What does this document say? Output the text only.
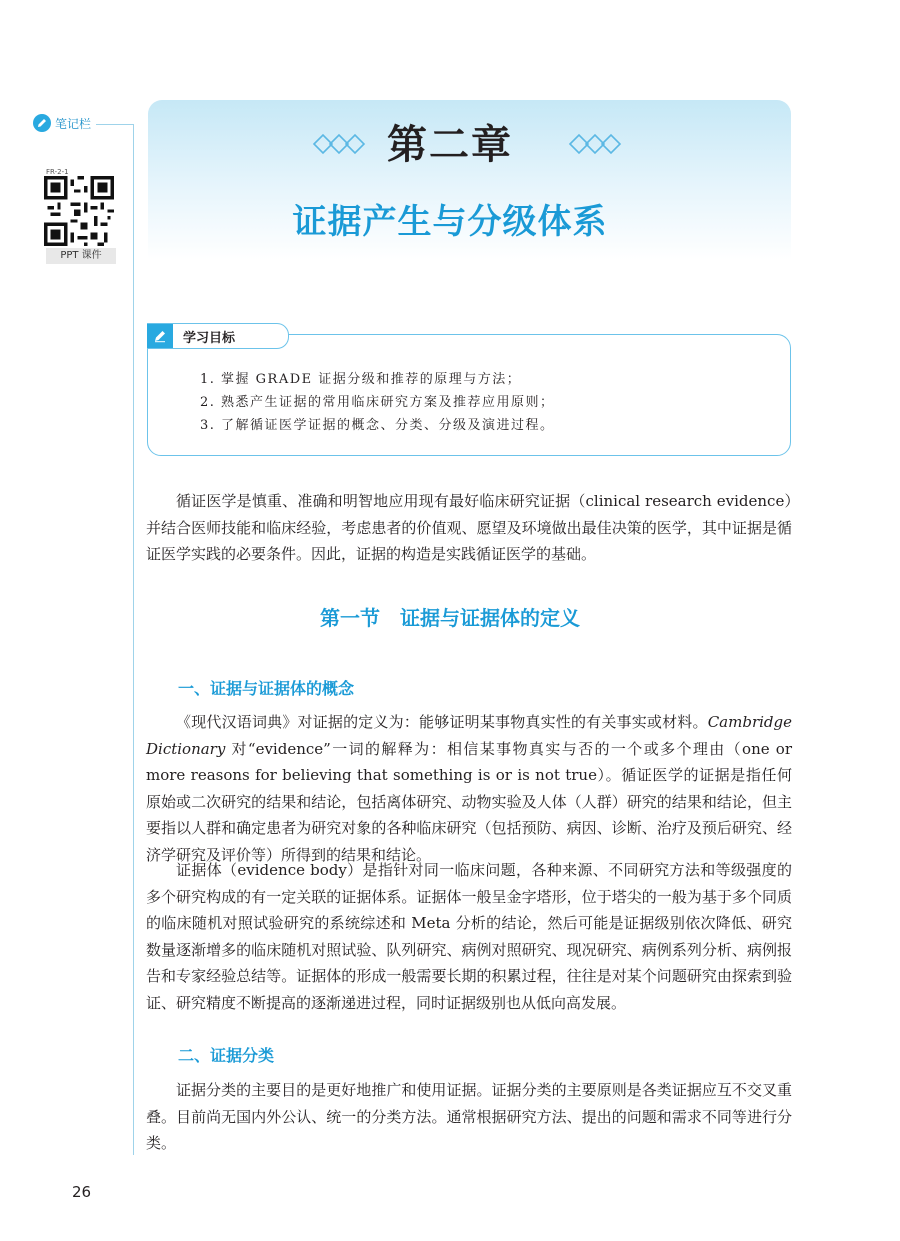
笔记栏
FR-2-1
PPT 课件
第二章
证据产生与分级体系
学习目标
1. 掌握 GRADE 证据分级和推荐的原理与方法；
2. 熟悉产生证据的常用临床研究方案及推荐应用原则；
3. 了解循证医学证据的概念、分类、分级及演进过程。

循证医学是慎重、准确和明智地应用现有最好临床研究证据（clinical research evidence）并结合医师技能和临床经验，考虑患者的价值观、愿望及环境做出最佳决策的医学，其中证据是循证医学实践的必要条件。因此，证据的构造是实践循证医学的基础。

第一节　证据与证据体的定义
一、证据与证据体的概念

《现代汉语词典》对证据的定义为：能够证明某事物真实性的有关事实或材料。Cambridge Dictionary 对“evidence”一词的解释为：相信某事物真实与否的一个或多个理由（one or more reasons for believing that something is or is not true）。循证医学的证据是指任何原始或二次研究的结果和结论，包括离体研究、动物实验及人体（人群）研究的结果和结论，但主要指以人群和确定患者为研究对象的各种临床研究（包括预防、病因、诊断、治疗及预后研究、经济学研究及评价等）所得到的结果和结论。

证据体（evidence body）是指针对同一临床问题，各种来源、不同研究方法和等级强度的多个研究构成的有一定关联的证据体系。证据体一般呈金字塔形，位于塔尖的一般为基于多个同质的临床随机对照试验研究的系统综述和 Meta 分析的结论，然后可能是证据级别依次降低、研究数量逐渐增多的临床随机对照试验、队列研究、病例对照研究、现况研究、病例系列分析、病例报告和专家经验总结等。证据体的形成一般需要长期的积累过程，往往是对某个问题研究由探索到验证、研究精度不断提高的逐渐递进过程，同时证据级别也从低向高发展。

二、证据分类

证据分类的主要目的是更好地推广和使用证据。证据分类的主要原则是各类证据应互不交叉重叠。目前尚无国内外公认、统一的分类方法。通常根据研究方法、提出的问题和需求不同等进行分类。

26
